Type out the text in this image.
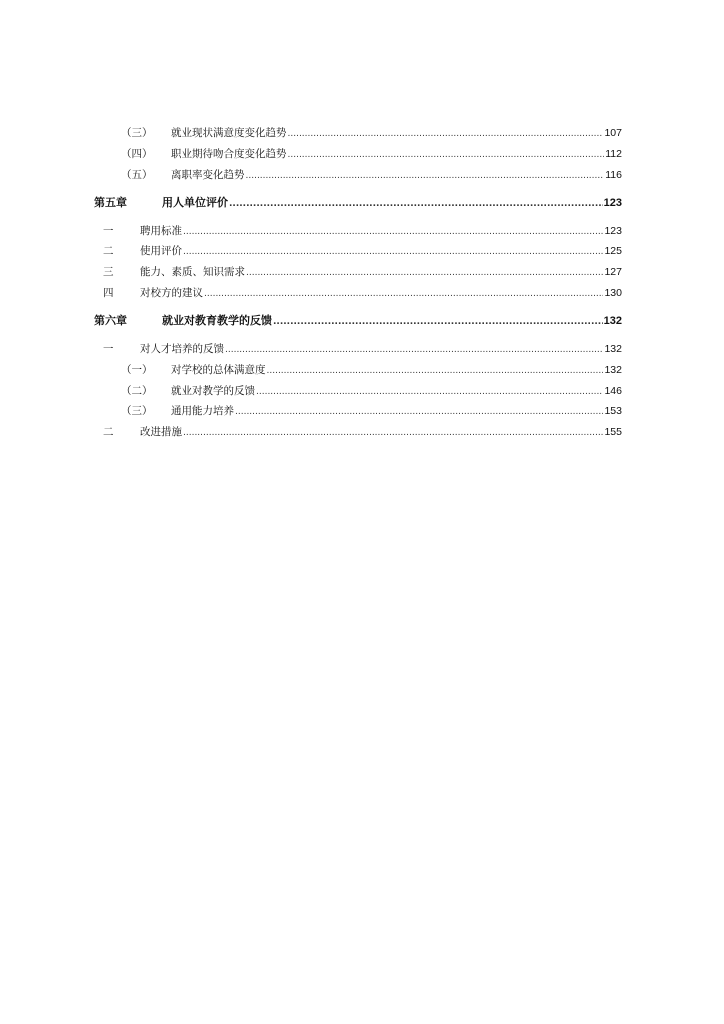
（三）	就业现状满意度变化趋势 .....	107
（四）	职业期待吻合度变化趋势 .....	112
（五）	离职率变化趋势 .....	116
第五章	用人单位评价 .....	123
一	聘用标准 .....	123
二	使用评价 .....	125
三	能力、素质、知识需求 .....	127
四	对校方的建议 .....	130
第六章	就业对教育教学的反馈 .....	132
一	对人才培养的反馈 .....	132
（一）	对学校的总体满意度 .....	132
（二）	就业对教学的反馈 .....	146
（三）	通用能力培养 .....	153
二	改进措施 .....	155
